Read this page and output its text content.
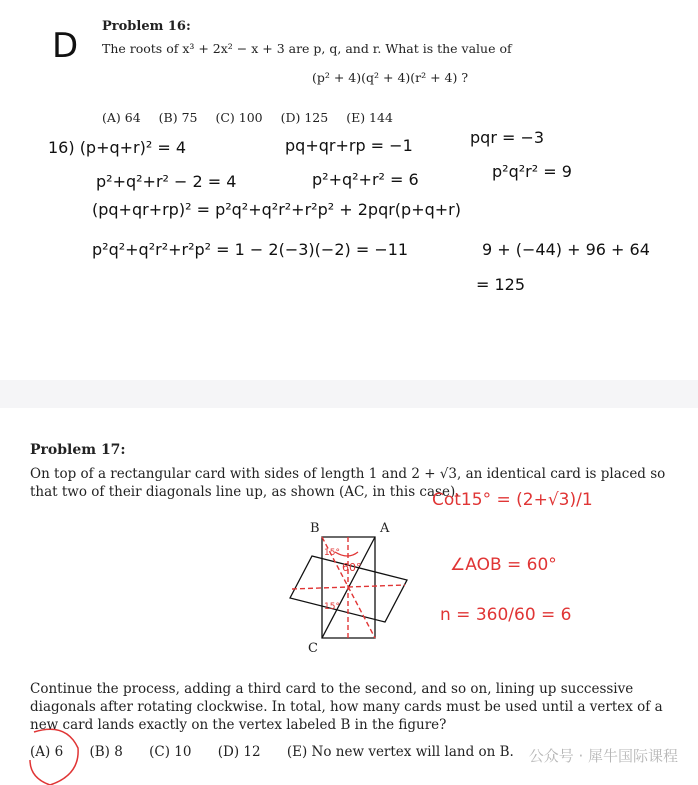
D Problem 16:
The roots of x³ + 2x² − x + 3 are p, q, and r. What is the value of
(p² + 4)(q² + 4)(r² + 4) ?
(A) 64 (B) 75 (C) 100 (D) 125 (E) 144
16) (p+q+r)² = 4	pq+qr+rp = −1	pqr = −3
p²+q²+r² − 2 = 4	p²+q²+r² = 6	p²q²r² = 9
(pq+qr+rp)² = p²q²+q²r²+r²p² + 2pqr(p+q+r)
p²q²+q²r²+r²p² = 1 − 2(−3)(−2) = −11	9 + (−44) + 96 + 64
= 125
Problem 17:
On top of a rectangular card with sides of length 1 and 2 + √3, an identical card is placed so that two of their diagonals line up, as shown (AC, in this case).
B	A
C
60°
15°
15°
Cot15° = (2+√3)/1
∠AOB = 60°
n = 360/60 = 6
Continue the process, adding a third card to the second, and so on, lining up successive diagonals after rotating clockwise. In total, how many cards must be used until a vertex of a new card lands exactly on the vertex labeled B in the figure?
(A) 6 (B) 8 (C) 10 (D) 12 (E) No new vertex will land on B. 公众号 · 犀牛国际课程
